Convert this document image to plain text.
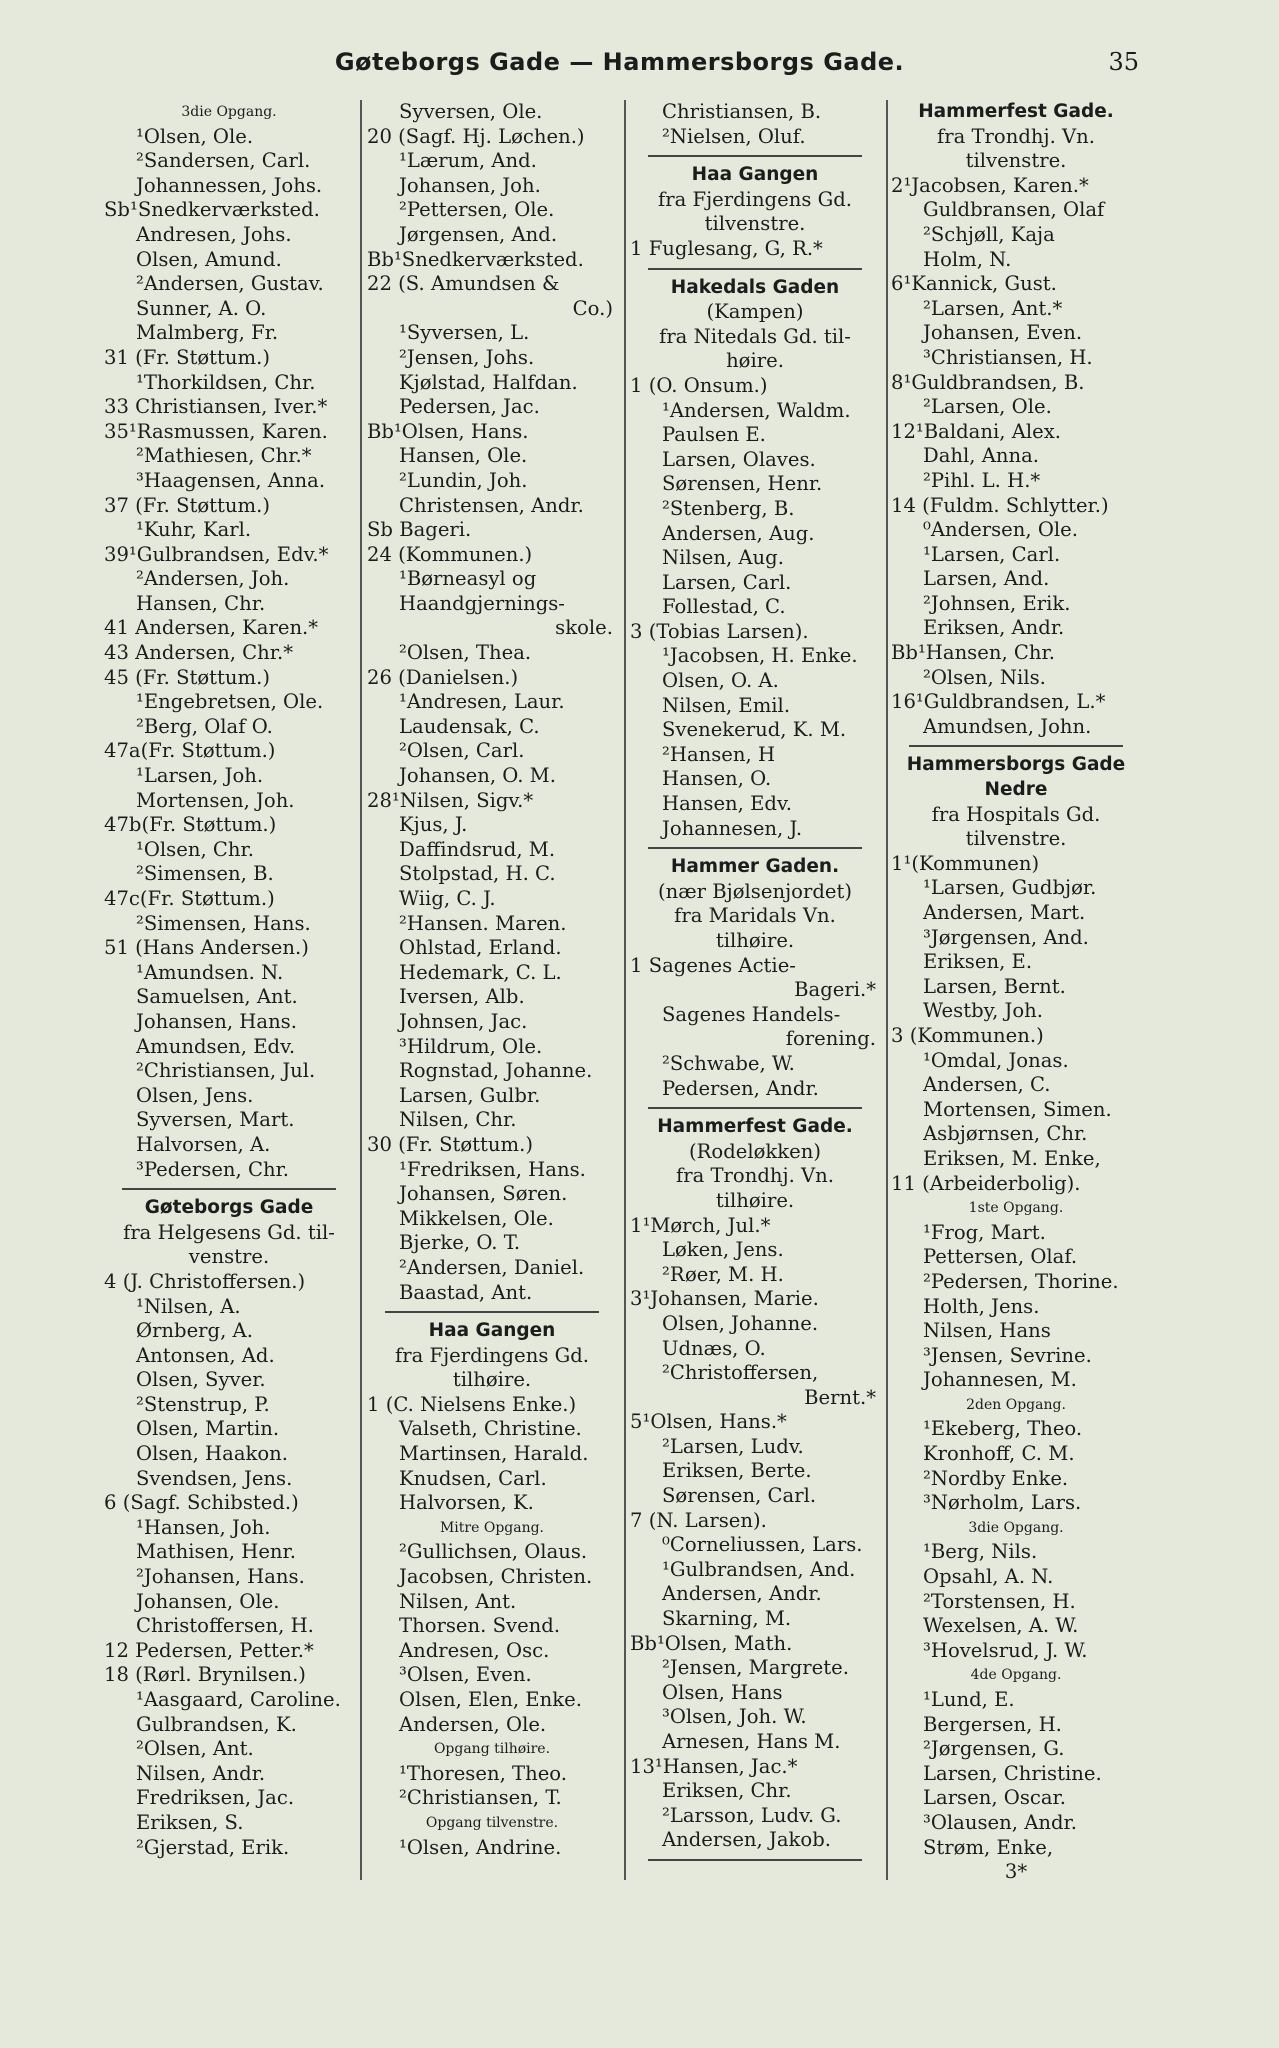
Gøteborgs Gade — Hammersborgs Gade.	35
3die Opgang.
¹Olsen, Ole.
²Sandersen, Carl.
Johannessen, Johs.
Sb¹Snedkerværksted.
Andresen, Johs.
Olsen, Amund.
²Andersen, Gustav.
Sunner, A. O.
Malmberg, Fr.
31 (Fr. Støttum.)
¹Thorkildsen, Chr.
33 Christiansen, Iver.*
35¹Rasmussen, Karen.
²Mathiesen, Chr.*
³Haagensen, Anna.
37 (Fr. Støttum.)
¹Kuhr, Karl.
39¹Gulbrandsen, Edv.*
²Andersen, Joh.
Hansen, Chr.
41 Andersen, Karen.*
43 Andersen, Chr.*
45 (Fr. Støttum.)
¹Engebretsen, Ole.
²Berg, Olaf O.
47a(Fr. Støttum.)
¹Larsen, Joh.
Mortensen, Joh.
47b(Fr. Støttum.)
¹Olsen, Chr.
²Simensen, B.
47c(Fr. Støttum.)
²Simensen, Hans.
51 (Hans Andersen.)
¹Amundsen. N.
Samuelsen, Ant.
Johansen, Hans.
Amundsen, Edv.
²Christiansen, Jul.
Olsen, Jens.
Syversen, Mart.
Halvorsen, A.
³Pedersen, Chr.
Gøteborgs Gade
fra Helgesens Gd. til-
venstre.
4 (J. Christoffersen.)
¹Nilsen, A.
Ørnberg, A.
Antonsen, Ad.
Olsen, Syver.
²Stenstrup, P.
Olsen, Martin.
Olsen, Haakon.
Svendsen, Jens.
6 (Sagf. Schibsted.)
¹Hansen, Joh.
Mathisen, Henr.
²Johansen, Hans.
Johansen, Ole.
Christoffersen, H.
12 Pedersen, Petter.*
18 (Rørl. Brynilsen.)
¹Aasgaard, Caroline.
Gulbrandsen, K.
²Olsen, Ant.
Nilsen, Andr.
Fredriksen, Jac.
Eriksen, S.
²Gjerstad, Erik.
Syversen, Ole.
20 (Sagf. Hj. Løchen.)
¹Lærum, And.
Johansen, Joh.
²Pettersen, Ole.
Jørgensen, And.
Bb¹Snedkerværksted.
22 (S. Amundsen &
Co.)
¹Syversen, L.
²Jensen, Johs.
Kjølstad, Halfdan.
Pedersen, Jac.
Bb¹Olsen, Hans.
Hansen, Ole.
²Lundin, Joh.
Christensen, Andr.
Sb Bageri.
24 (Kommunen.)
¹Børneasyl og
Haandgjernings-
skole.
²Olsen, Thea.
26 (Danielsen.)
¹Andresen, Laur.
Laudensak, C.
²Olsen, Carl.
Johansen, O. M.
28¹Nilsen, Sigv.*
Kjus, J.
Daffindsrud, M.
Stolpstad, H. C.
Wiig, C. J.
²Hansen. Maren.
Ohlstad, Erland.
Hedemark, C. L.
Iversen, Alb.
Johnsen, Jac.
³Hildrum, Ole.
Rognstad, Johanne.
Larsen, Gulbr.
Nilsen, Chr.
30 (Fr. Støttum.)
¹Fredriksen, Hans.
Johansen, Søren.
Mikkelsen, Ole.
Bjerke, O. T.
²Andersen, Daniel.
Baastad, Ant.
Haa Gangen
fra Fjerdingens Gd.
tilhøire.
1 (C. Nielsens Enke.)
Valseth, Christine.
Martinsen, Harald.
Knudsen, Carl.
Halvorsen, K.
Mitre Opgang.
²Gullichsen, Olaus.
Jacobsen, Christen.
Nilsen, Ant.
Thorsen. Svend.
Andresen, Osc.
³Olsen, Even.
Olsen, Elen, Enke.
Andersen, Ole.
Opgang tilhøire.
¹Thoresen, Theo.
²Christiansen, T.
Opgang tilvenstre.
¹Olsen, Andrine.
Christiansen, B.
²Nielsen, Oluf.
Haa Gangen
fra Fjerdingens Gd.
tilvenstre.
1 Fuglesang, G, R.*
Hakedals Gaden
(Kampen)
fra Nitedals Gd. til-
høire.
1 (O. Onsum.)
¹Andersen, Waldm.
Paulsen E.
Larsen, Olaves.
Sørensen, Henr.
²Stenberg, B.
Andersen, Aug.
Nilsen, Aug.
Larsen, Carl.
Follestad, C.
3 (Tobias Larsen).
¹Jacobsen, H. Enke.
Olsen, O. A.
Nilsen, Emil.
Svenekerud, K. M.
²Hansen, H
Hansen, O.
Hansen, Edv.
Johannesen, J.
Hammer Gaden.
(nær Bjølsenjordet)
fra Maridals Vn.
tilhøire.
1 Sagenes Actie-
Bageri.*
Sagenes Handels-
forening.
²Schwabe, W.
Pedersen, Andr.
Hammerfest Gade.
(Rodeløkken)
fra Trondhj. Vn.
tilhøire.
1¹Mørch, Jul.*
Løken, Jens.
²Røer, M. H.
3¹Johansen, Marie.
Olsen, Johanne.
Udnæs, O.
²Christoffersen,
Bernt.*
5¹Olsen, Hans.*
²Larsen, Ludv.
Eriksen, Berte.
Sørensen, Carl.
7 (N. Larsen).
⁰Corneliussen, Lars.
¹Gulbrandsen, And.
Andersen, Andr.
Skarning, M.
Bb¹Olsen, Math.
²Jensen, Margrete.
Olsen, Hans
³Olsen, Joh. W.
Arnesen, Hans M.
13¹Hansen, Jac.*
Eriksen, Chr.
²Larsson, Ludv. G.
Andersen, Jakob.
Hammerfest Gade.
fra Trondhj. Vn.
tilvenstre.
2¹Jacobsen, Karen.*
Guldbransen, Olaf
²Schjøll, Kaja
Holm, N.
6¹Kannick, Gust.
²Larsen, Ant.*
Johansen, Even.
³Christiansen, H.
8¹Guldbrandsen, B.
²Larsen, Ole.
12¹Baldani, Alex.
Dahl, Anna.
²Pihl. L. H.*
14 (Fuldm. Schlytter.)
⁰Andersen, Ole.
¹Larsen, Carl.
Larsen, And.
²Johnsen, Erik.
Eriksen, Andr.
Bb¹Hansen, Chr.
²Olsen, Nils.
16¹Guldbrandsen, L.*
Amundsen, John.
Hammersborgs Gade
Nedre
fra Hospitals Gd.
tilvenstre.
1¹(Kommunen)
¹Larsen, Gudbjør.
Andersen, Mart.
³Jørgensen, And.
Eriksen, E.
Larsen, Bernt.
Westby, Joh.
3 (Kommunen.)
¹Omdal, Jonas.
Andersen, C.
Mortensen, Simen.
Asbjørnsen, Chr.
Eriksen, M. Enke,
11 (Arbeiderbolig).
1ste Opgang.
¹Frog, Mart.
Pettersen, Olaf.
²Pedersen, Thorine.
Holth, Jens.
Nilsen, Hans
³Jensen, Sevrine.
Johannesen, M.
2den Opgang.
¹Ekeberg, Theo.
Kronhoff, C. M.
²Nordby Enke.
³Nørholm, Lars.
3die Opgang.
¹Berg, Nils.
Opsahl, A. N.
²Torstensen, H.
Wexelsen, A. W.
³Hovelsrud, J. W.
4de Opgang.
¹Lund, E.
Bergersen, H.
²Jørgensen, G.
Larsen, Christine.
Larsen, Oscar.
³Olausen, Andr.
Strøm, Enke,
3*
